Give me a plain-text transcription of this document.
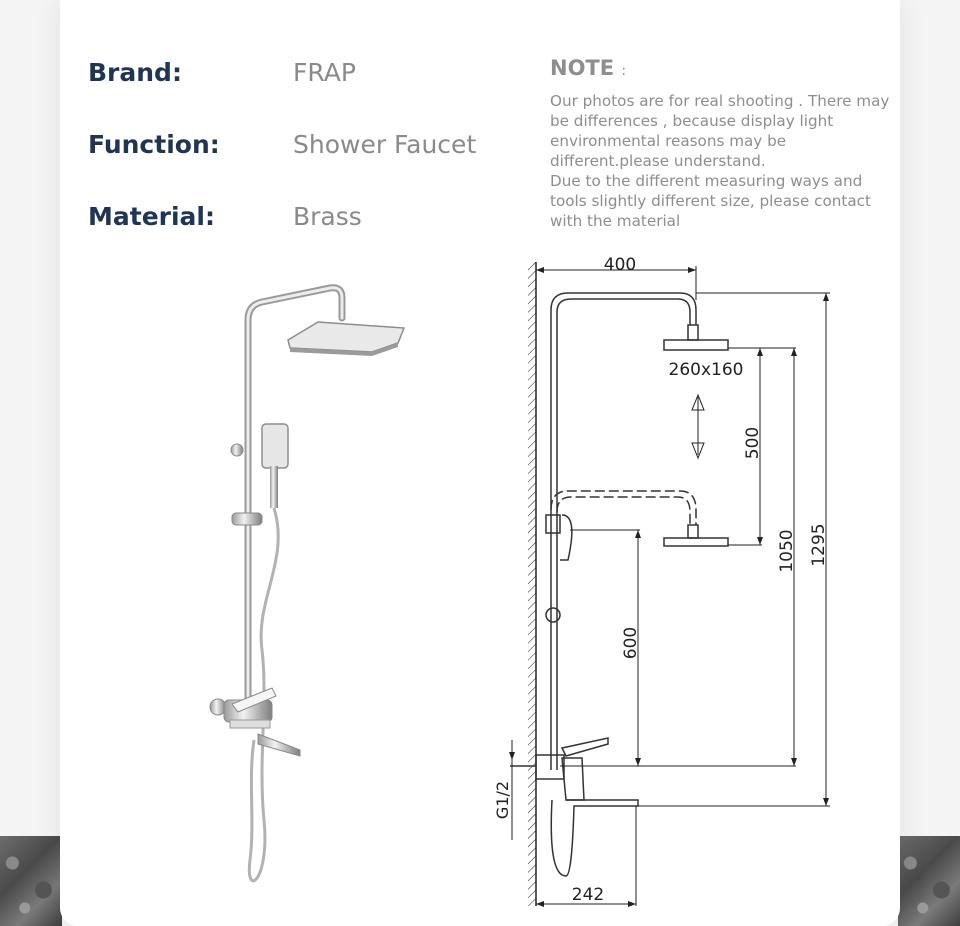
Brand:	FRAP
Function:	Shower Faucet
Material:	Brass
NOTE :

Our photos are for real shooting . There may be differences , because display light environmental reasons may be different.please understand.

Due to the different measuring ways and tools slightly different size, please contact with the material

400
260x160
500
1050 1295
600
G1/2
242
